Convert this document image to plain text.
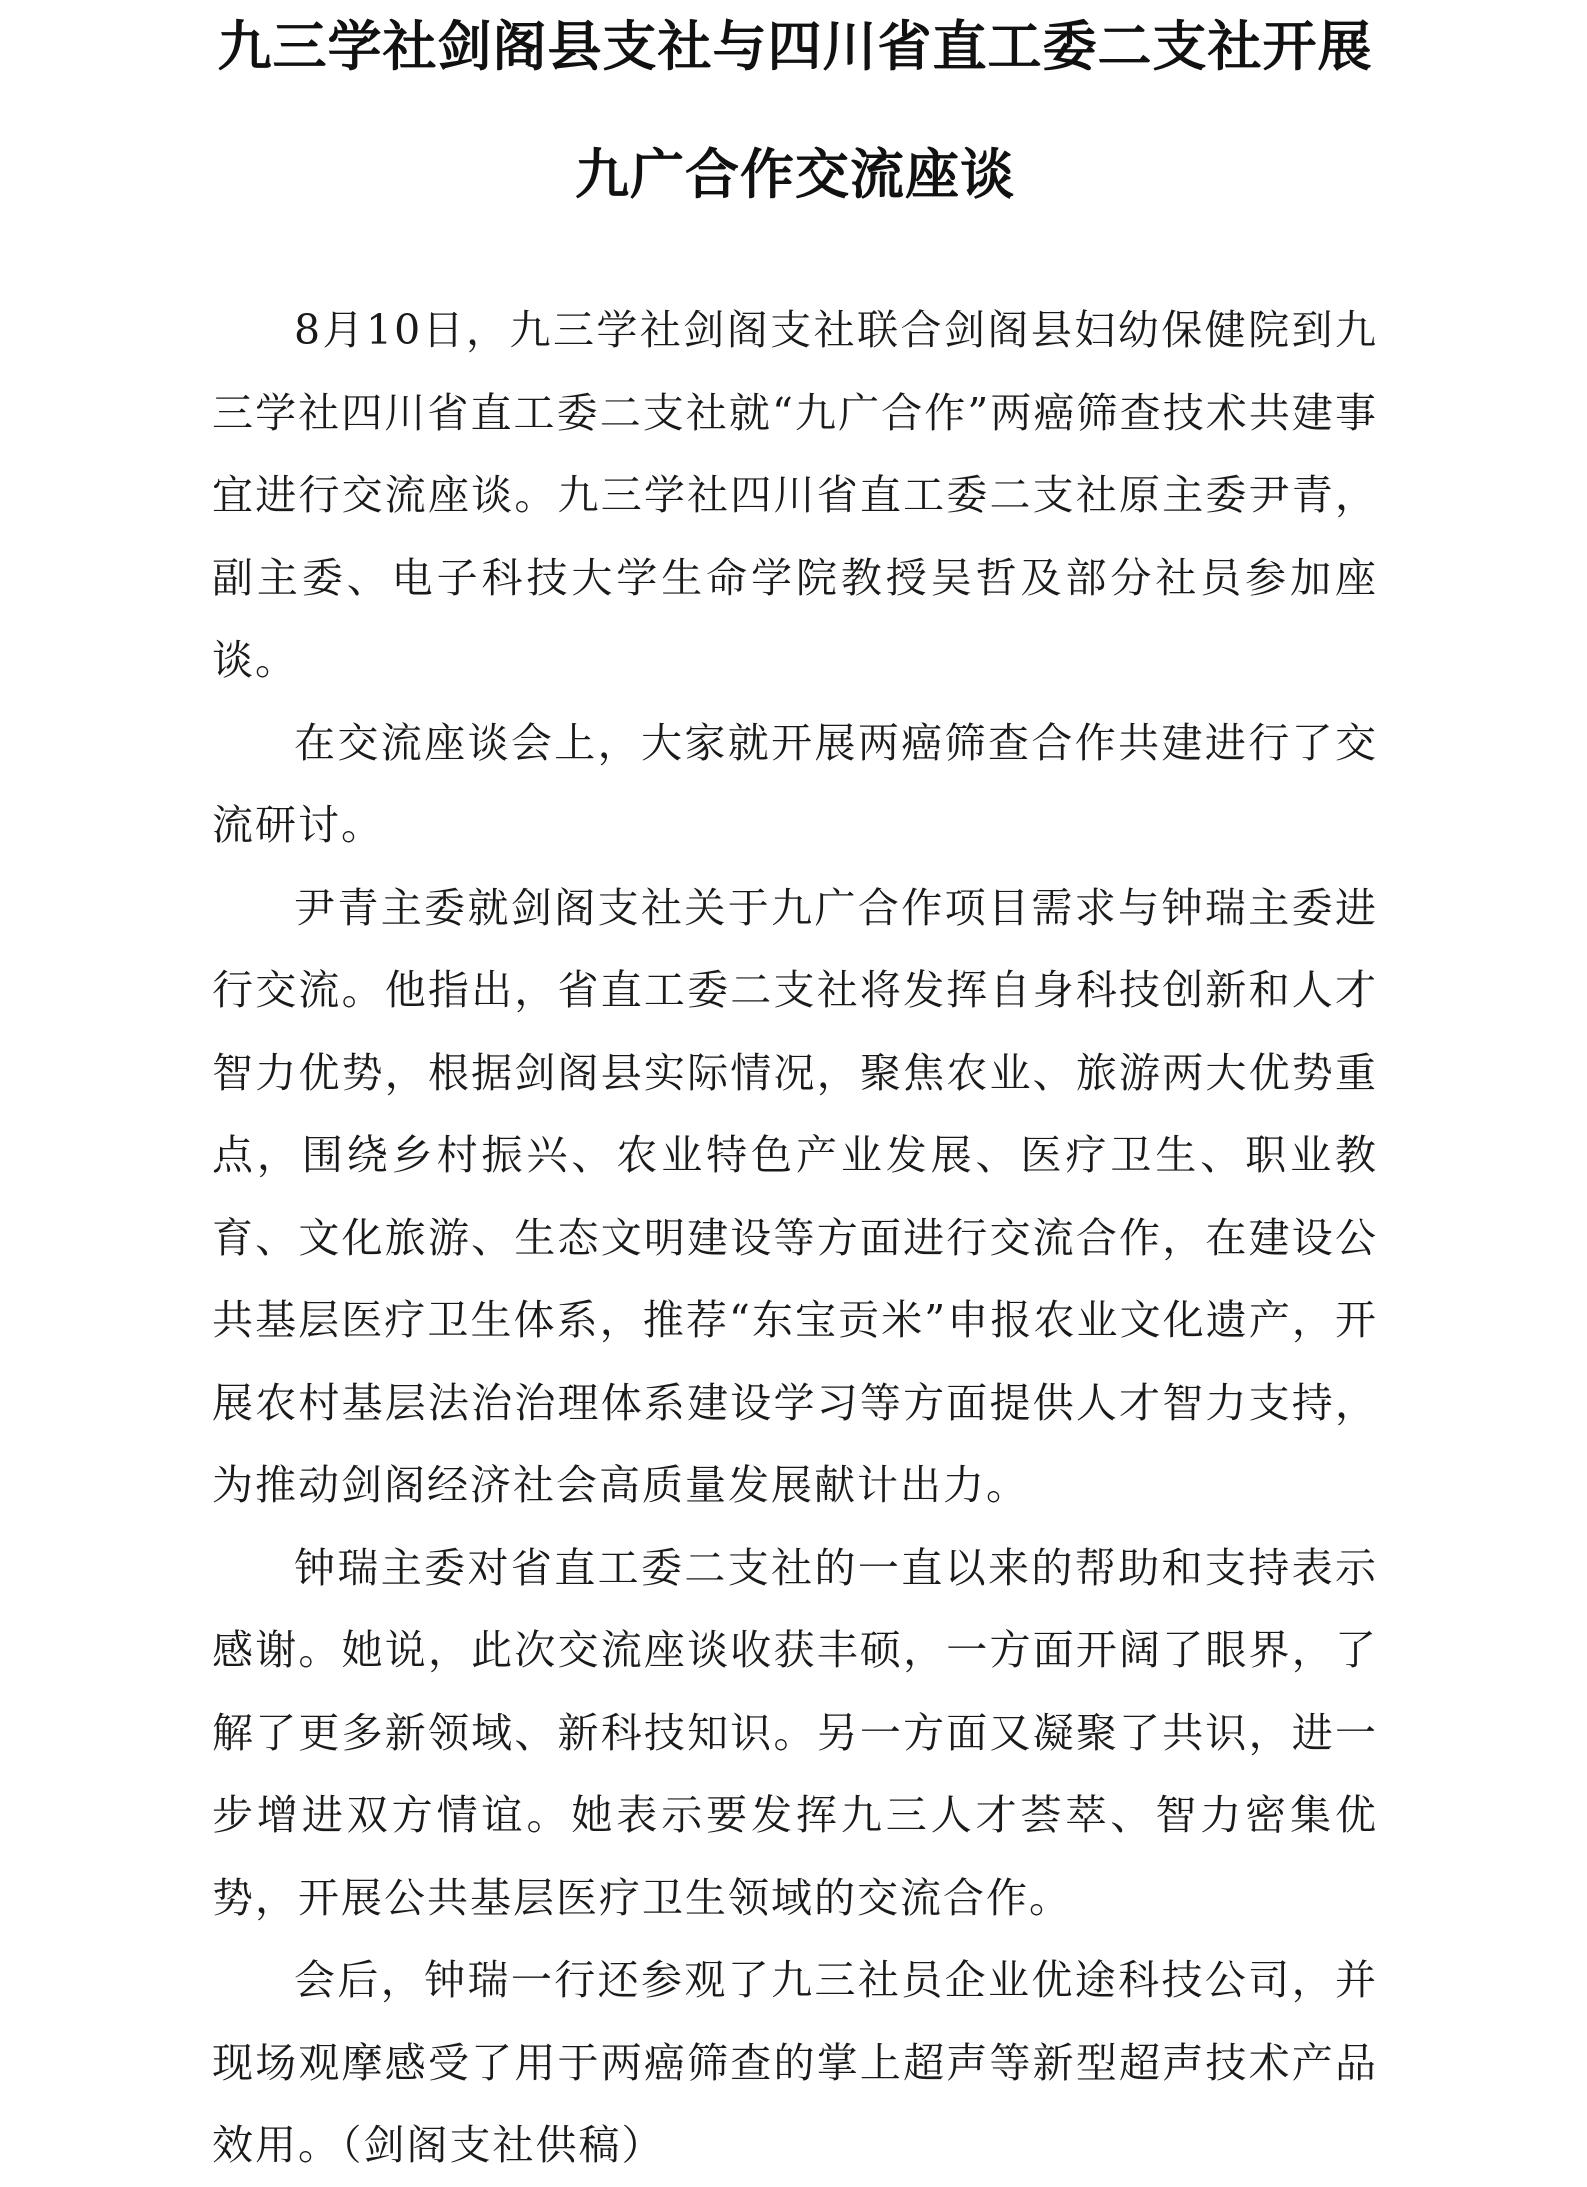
九三学社剑阁县支社与四川省直工委二支社开展
九广合作交流座谈

8月10日，九三学社剑阁支社联合剑阁县妇幼保健院到九三学社四川省直工委二支社就“九广合作”两癌筛查技术共建事宜进行交流座谈。九三学社四川省直工委二支社原主委尹青，副主委、电子科技大学生命学院教授吴哲及部分社员参加座谈。

在交流座谈会上，大家就开展两癌筛查合作共建进行了交流研讨。

尹青主委就剑阁支社关于九广合作项目需求与钟瑞主委进行交流。他指出，省直工委二支社将发挥自身科技创新和人才智力优势，根据剑阁县实际情况，聚焦农业、旅游两大优势重点，围绕乡村振兴、农业特色产业发展、医疗卫生、职业教育、文化旅游、生态文明建设等方面进行交流合作，在建设公共基层医疗卫生体系，推荐“东宝贡米”申报农业文化遗产，开展农村基层法治治理体系建设学习等方面提供人才智力支持，为推动剑阁经济社会高质量发展献计出力。

钟瑞主委对省直工委二支社的一直以来的帮助和支持表示感谢。她说，此次交流座谈收获丰硕，一方面开阔了眼界，了解了更多新领域、新科技知识。另一方面又凝聚了共识，进一步增进双方情谊。她表示要发挥九三人才荟萃、智力密集优势，开展公共基层医疗卫生领域的交流合作。

会后，钟瑞一行还参观了九三社员企业优途科技公司，并现场观摩感受了用于两癌筛查的掌上超声等新型超声技术产品效用。（剑阁支社供稿）
